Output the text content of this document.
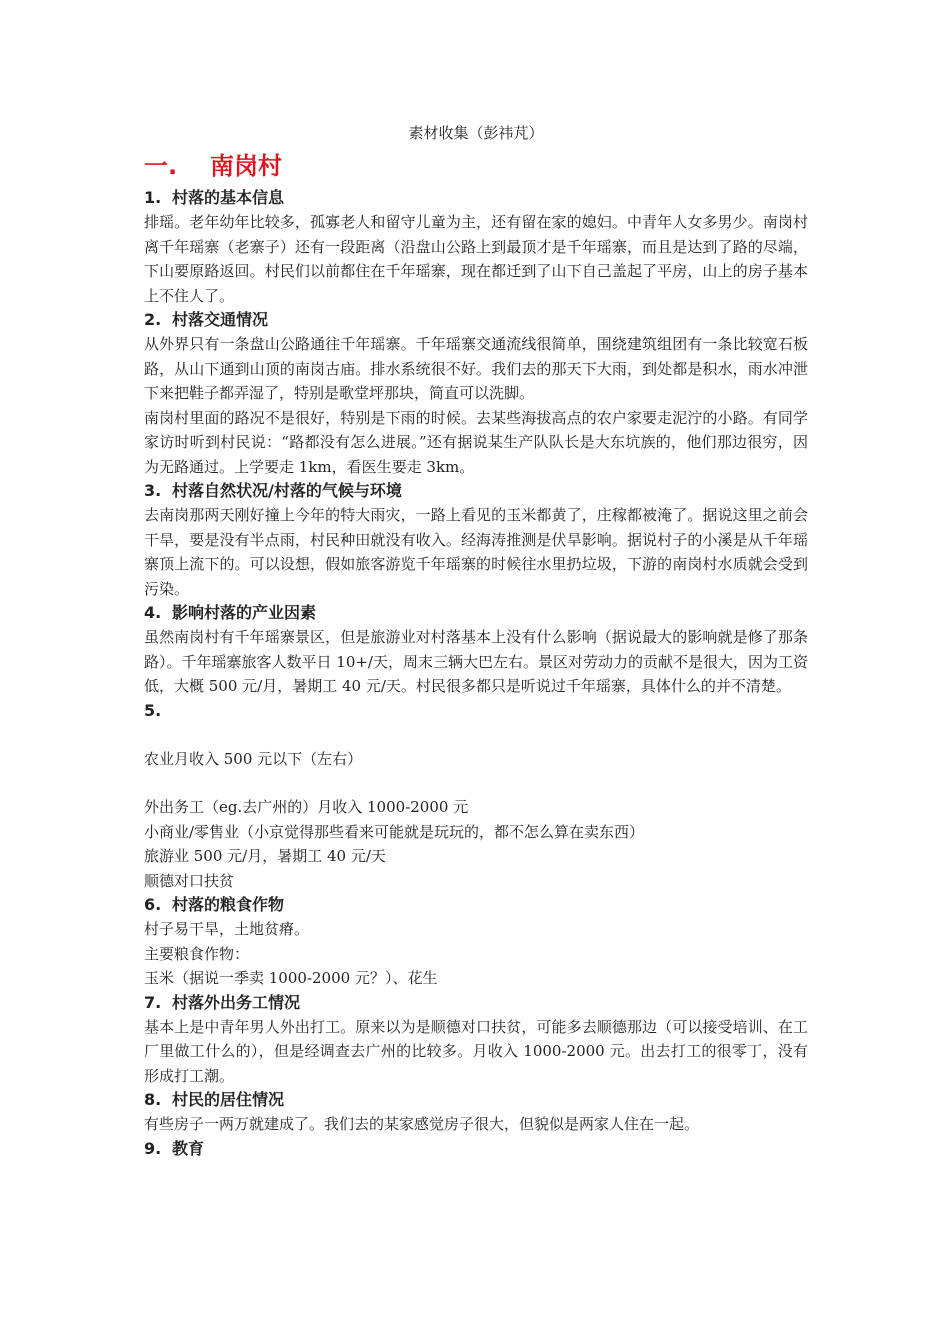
素材收集（彭祎芃）
一.	南岗村
1. 村落的基本信息
排瑶。老年幼年比较多，孤寡老人和留守儿童为主，还有留在家的媳妇。中青年人女多男少。南岗村离千年瑶寨（老寨子）还有一段距离（沿盘山公路上到最顶才是千年瑶寨，而且是达到了路的尽端，下山要原路返回。村民们以前都住在千年瑶寨，现在都迁到了山下自己盖起了平房，山上的房子基本上不住人了。
2. 村落交通情况
从外界只有一条盘山公路通往千年瑶寨。千年瑶寨交通流线很简单，围绕建筑组团有一条比较宽石板路，从山下通到山顶的南岗古庙。排水系统很不好。我们去的那天下大雨，到处都是积水，雨水冲泄下来把鞋子都弄湿了，特别是歌堂坪那块，简直可以洗脚。
南岗村里面的路况不是很好，特别是下雨的时候。去某些海拔高点的农户家要走泥泞的小路。有同学家访时听到村民说：“路都没有怎么进展。”还有据说某生产队队长是大东坑族的，他们那边很穷，因为无路通过。上学要走 1km，看医生要走 3km。
3. 村落自然状况/村落的气候与环境
去南岗那两天刚好撞上今年的特大雨灾，一路上看见的玉米都黄了，庄稼都被淹了。据说这里之前会干旱，要是没有半点雨，村民种田就没有收入。经海涛推测是伏旱影响。据说村子的小溪是从千年瑶寨顶上流下的。可以设想，假如旅客游览千年瑶寨的时候往水里扔垃圾，下游的南岗村水质就会受到污染。
4. 影响村落的产业因素
虽然南岗村有千年瑶寨景区，但是旅游业对村落基本上没有什么影响（据说最大的影响就是修了那条路）。千年瑶寨旅客人数平日 10+/天，周末三辆大巴左右。景区对劳动力的贡献不是很大，因为工资低，大概 500 元/月，暑期工 40 元/天。村民很多都只是听说过千年瑶寨，具体什么的并不清楚。
5.
农业月收入 500 元以下（左右）
外出务工（eg.去广州的）月收入 1000-2000 元
小商业/零售业（小京觉得那些看来可能就是玩玩的，都不怎么算在卖东西）
旅游业 500 元/月，暑期工 40 元/天
顺德对口扶贫
6. 村落的粮食作物
村子易干旱，土地贫瘠。
主要粮食作物：
玉米（据说一季卖 1000-2000 元？）、花生
7. 村落外出务工情况
基本上是中青年男人外出打工。原来以为是顺德对口扶贫，可能多去顺德那边（可以接受培训、在工厂里做工什么的），但是经调查去广州的比较多。月收入 1000-2000 元。出去打工的很零丁，没有形成打工潮。
8. 村民的居住情况
有些房子一两万就建成了。我们去的某家感觉房子很大，但貌似是两家人住在一起。
9. 教育
